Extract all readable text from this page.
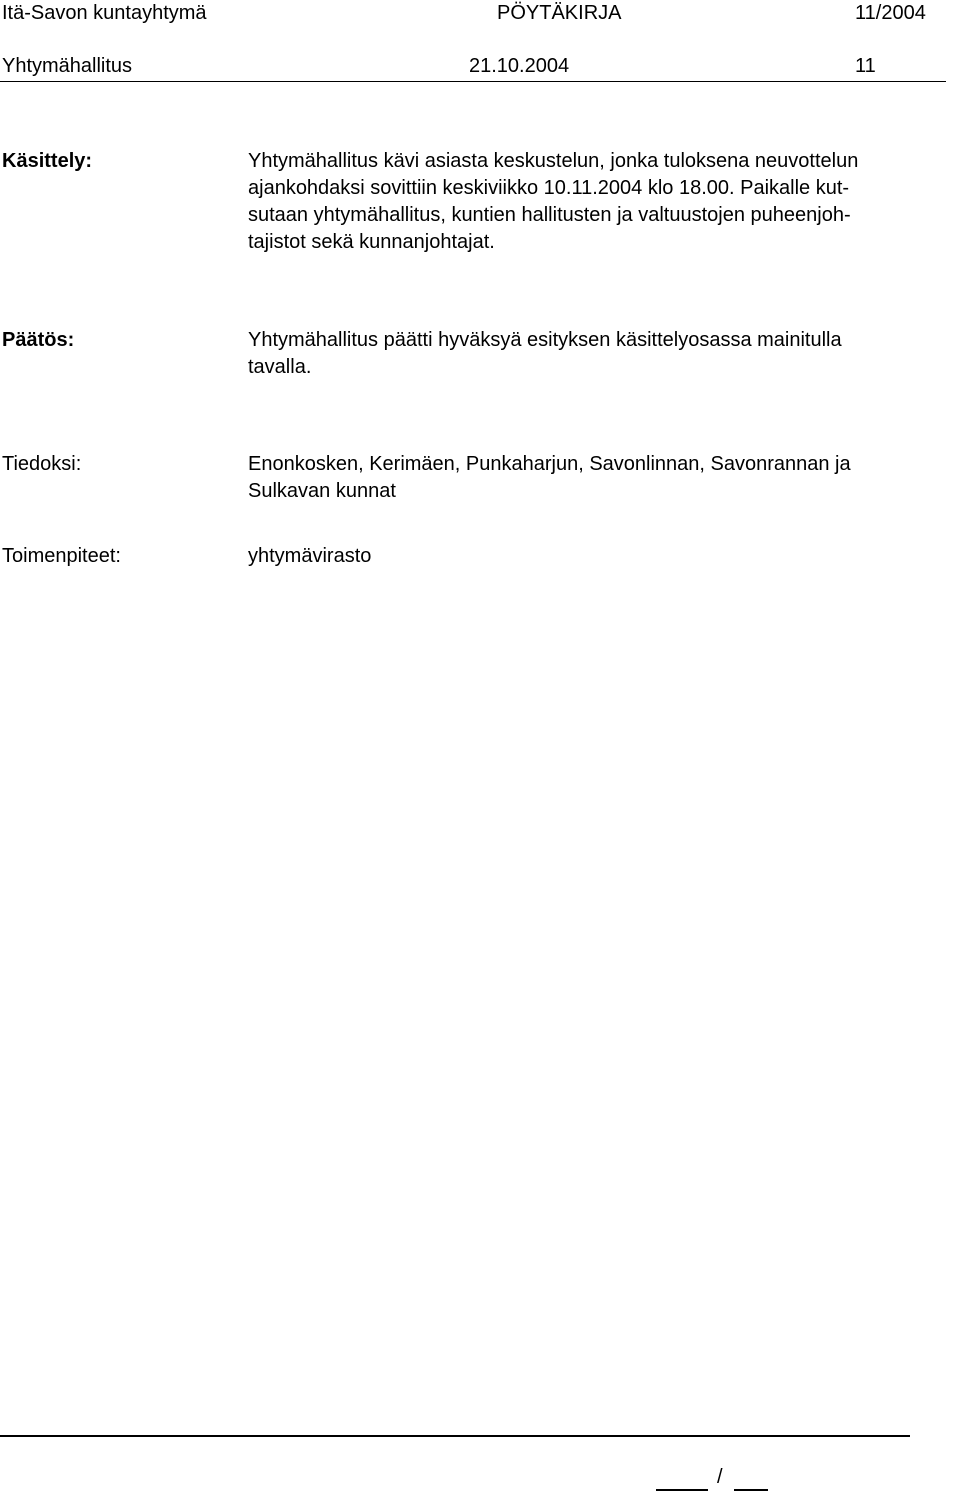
Itä-Savon kuntayhtymä	PÖYTÄKIRJA	11/2004
Yhtymähallitus	21.10.2004	11
Käsittely:	Yhtymähallitus kävi asiasta keskustelun, jonka tuloksena neuvottelun
ajankohdaksi sovittiin keskiviikko 10.11.2004 klo 18.00. Paikalle kut-
sutaan yhtymähallitus, kuntien hallitusten ja valtuustojen puheenjoh-
tajistot sekä kunnanjohtajat.
Päätös:	Yhtymähallitus päätti hyväksyä esityksen käsittelyosassa mainitulla
tavalla.
Tiedoksi:	Enonkosken, Kerimäen, Punkaharjun, Savonlinnan, Savonrannan ja
Sulkavan kunnat
Toimenpiteet:	yhtymävirasto
/
